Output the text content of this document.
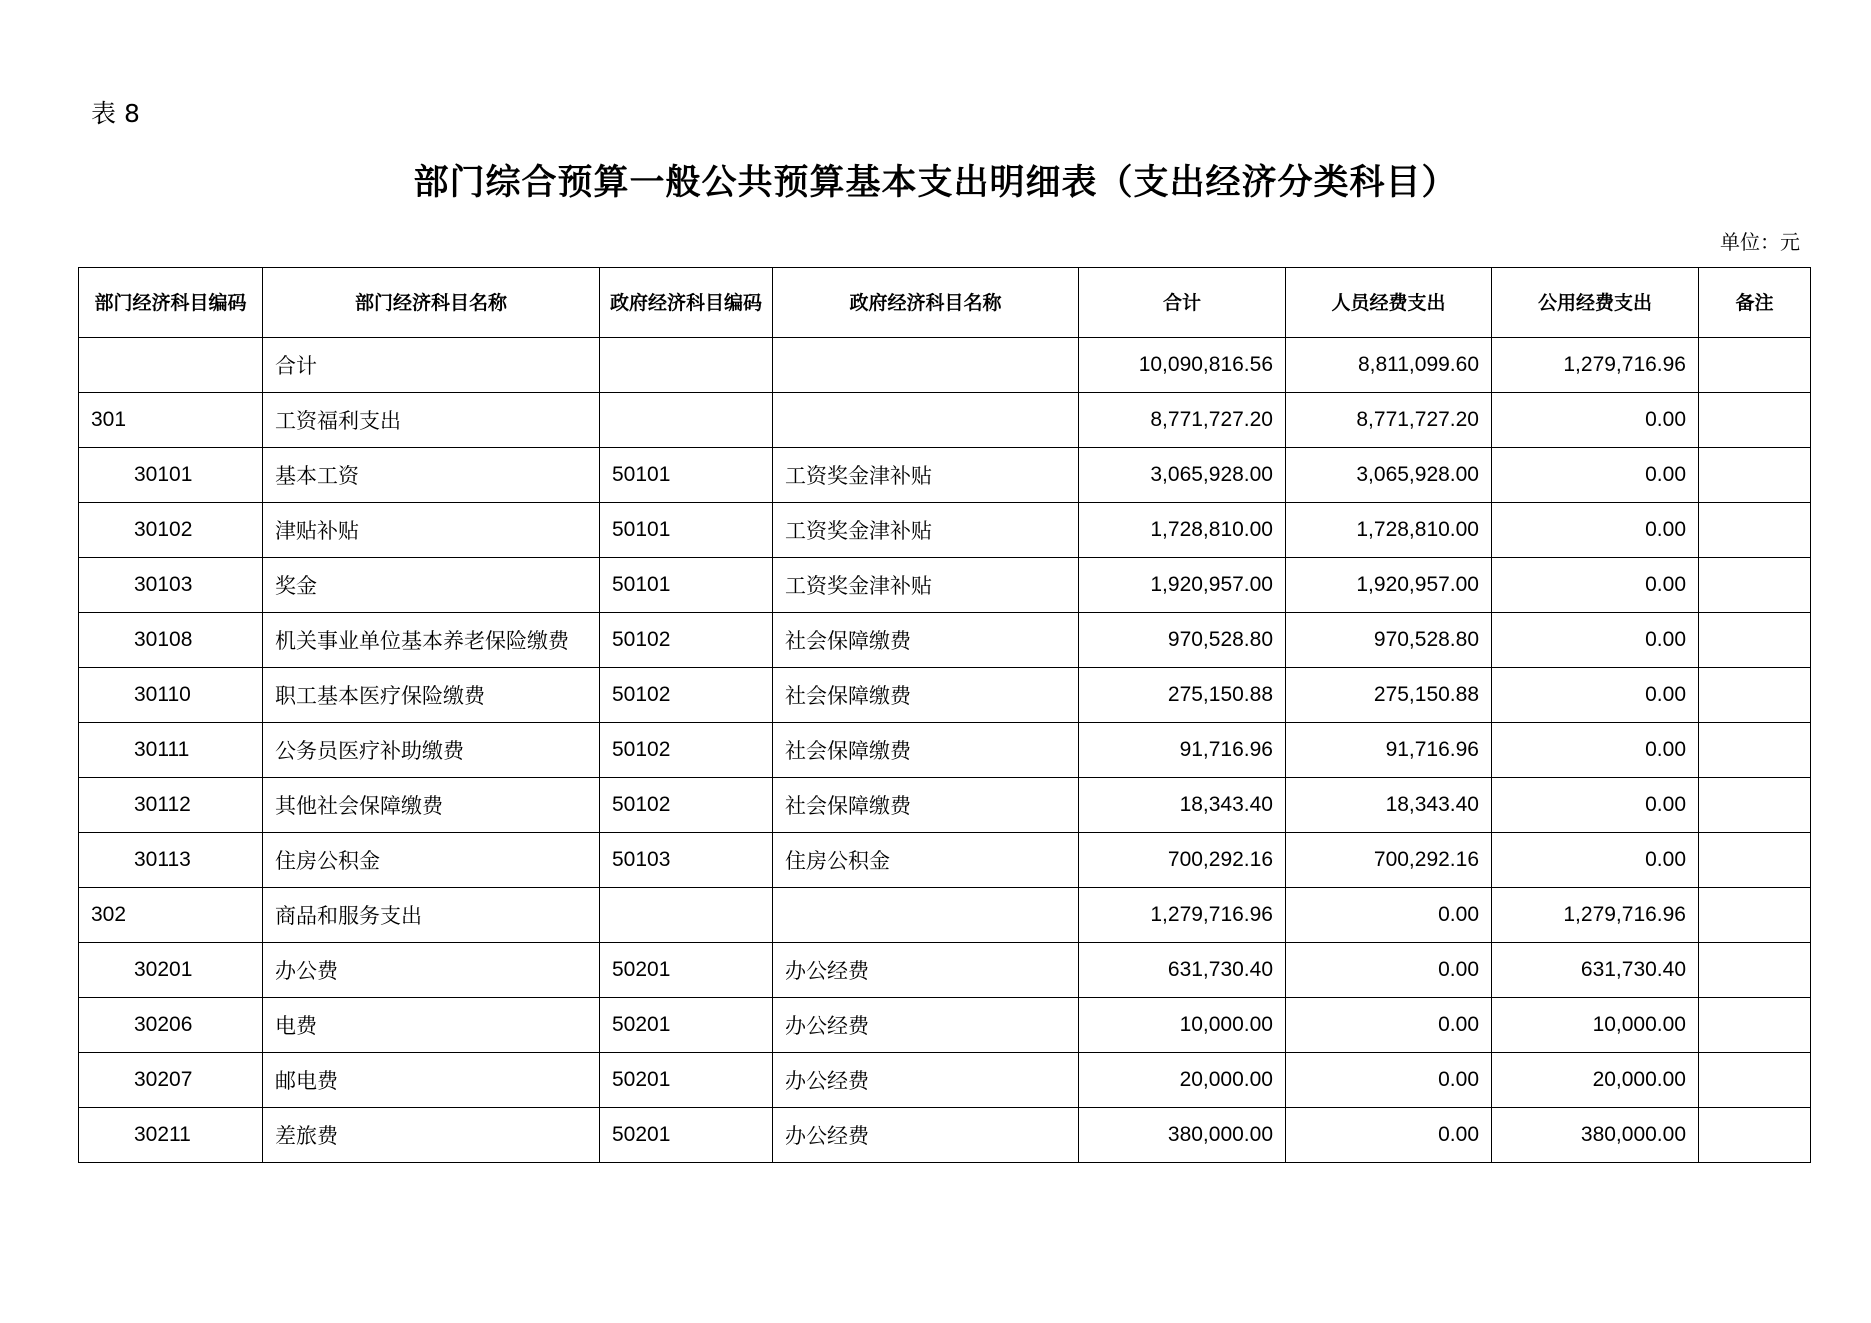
表 8
部门综合预算一般公共预算基本支出明细表（支出经济分类科目）
单位：元
部门经济科目编码	部门经济科目名称	政府经济科目编码	政府经济科目名称	合计	人员经费支出	公用经费支出	备注
	合计			10,090,816.56	8,811,099.60	1,279,716.96	
301	工资福利支出			8,771,727.20	8,771,727.20	0.00	
30101	基本工资	50101	工资奖金津补贴	3,065,928.00	3,065,928.00	0.00	
30102	津贴补贴	50101	工资奖金津补贴	1,728,810.00	1,728,810.00	0.00	
30103	奖金	50101	工资奖金津补贴	1,920,957.00	1,920,957.00	0.00	
30108	机关事业单位基本养老保险缴费	50102	社会保障缴费	970,528.80	970,528.80	0.00	
30110	职工基本医疗保险缴费	50102	社会保障缴费	275,150.88	275,150.88	0.00	
30111	公务员医疗补助缴费	50102	社会保障缴费	91,716.96	91,716.96	0.00	
30112	其他社会保障缴费	50102	社会保障缴费	18,343.40	18,343.40	0.00	
30113	住房公积金	50103	住房公积金	700,292.16	700,292.16	0.00	
302	商品和服务支出			1,279,716.96	0.00	1,279,716.96	
30201	办公费	50201	办公经费	631,730.40	0.00	631,730.40	
30206	电费	50201	办公经费	10,000.00	0.00	10,000.00	
30207	邮电费	50201	办公经费	20,000.00	0.00	20,000.00	
30211	差旅费	50201	办公经费	380,000.00	0.00	380,000.00	
